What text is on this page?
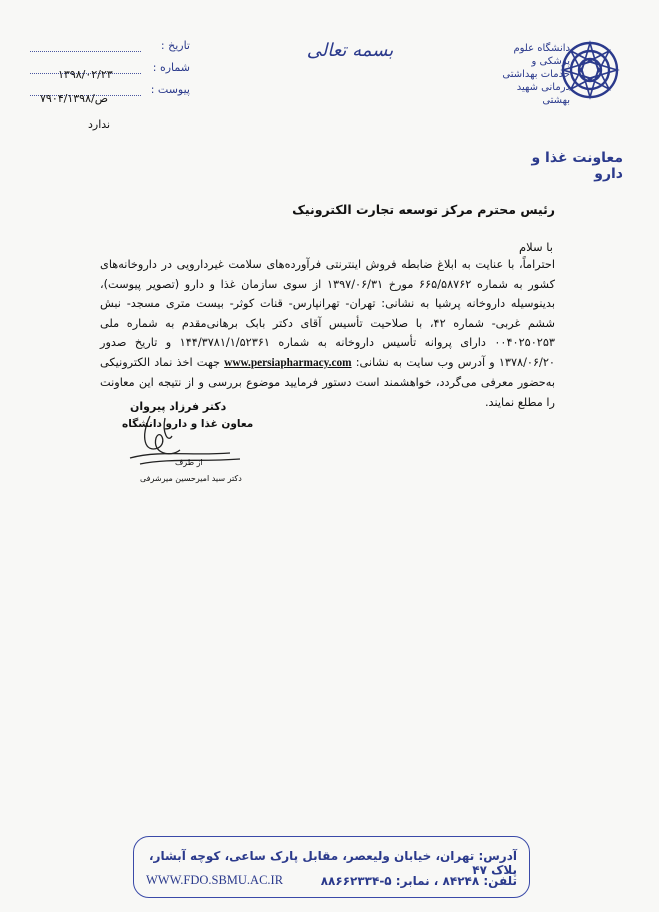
تاریخ :
شماره :
پیوست :
۱۳۹۸/۰۲/۲۳
۷۹۰۴/ص/۱۳۹۸
ندارد
بسمه تعالی	دانشگاه علوم پزشکی و خدمات بهداشتی درمانی شهید بهشتی
معاونت غذا و دارو
رئیس محترم مرکز توسعه تجارت الکترونیک
با سلام
احتراماً، با عنایت به ابلاغ ضابطه فروش اینترنتی فرآورده‌های سلامت غیردارویی در داروخانه‌های کشور به شماره ۶۶۵/۵۸۷۶۲ مورخ ۱۳۹۷/۰۶/۳۱ از سوی سازمان غذا و دارو (تصویر پیوست)، بدینوسیله داروخانه پرشیا به نشانی: تهران- تهرانپارس- قنات کوثر- بیست متری مسجد- نبش ششم غربی- شماره ۴۲، با صلاحیت تأسیس آقای دکتر بابک برهانی‌مقدم به شماره ملی ۰۰۴۰۲۵۰۲۵۳ دارای پروانه تأسیس داروخانه به شماره ۱۴۴/۳۷۸۱/۱/۵۲۳۶۱ و تاریخ صدور ۱۳۷۸/۰۶/۲۰ و آدرس وب سایت به نشانی: www.persiapharmacy.com جهت اخذ نماد الکترونیکی به‌حضور معرفی می‌گردد، خواهشمند است دستور فرمایید موضوع بررسی و از نتیجه این معاونت را مطلع نمایند.
دکتر فرزاد پیروان
معاون غذا و دارو دانشگاه
از طرف
دکتر سید امیرحسین میرشرفی
آدرس: تهران، خیابان ولیعصر، مقابل پارک ساعی، کوچه آبشار، پلاک ۴۷
WWW.FDO.SBMU.AC.IR	تلفن: ۸۴۲۴۸ ، نمابر: ۵-۸۸۶۶۲۳۳۴
